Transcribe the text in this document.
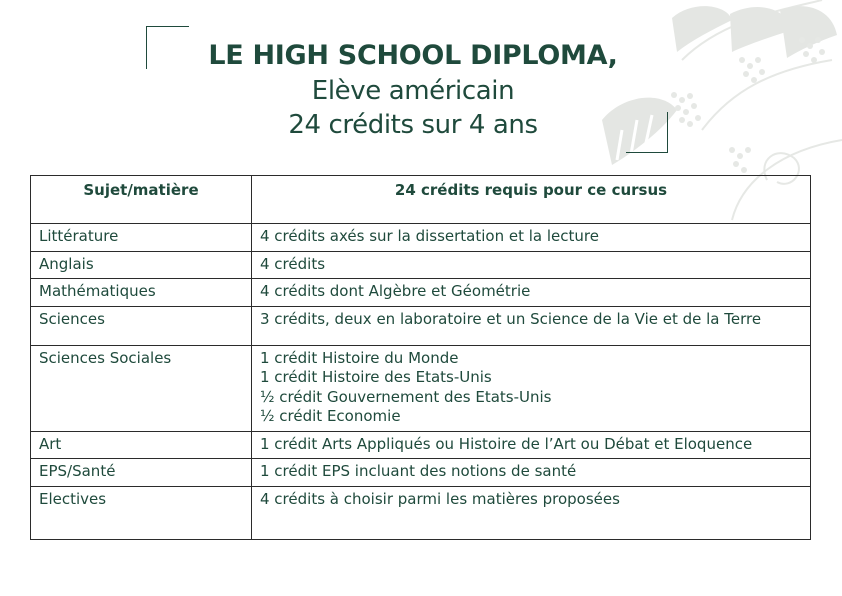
LE HIGH SCHOOL DIPLOMA,
Elève américain
24 crédits sur 4 ans
Sujet/matière	24 crédits requis pour ce cursus
Littérature	4 crédits axés sur la dissertation et la lecture

Anglais	4 crédits

Mathématiques	4 crédits dont Algèbre et Géométrie

Sciences	3 crédits, deux en laboratoire et un Science de la Vie et de la Terre

Sciences Sociales	1 crédit Histoire du Monde
1 crédit Histoire des Etats-Unis
½ crédit Gouvernement des Etats-Unis
½ crédit Economie

Art	1 crédit Arts Appliqués ou Histoire de l’Art ou Débat et Eloquence

EPS/Santé	1 crédit EPS incluant des notions de santé

Electives	4 crédits à choisir parmi les matières proposées
